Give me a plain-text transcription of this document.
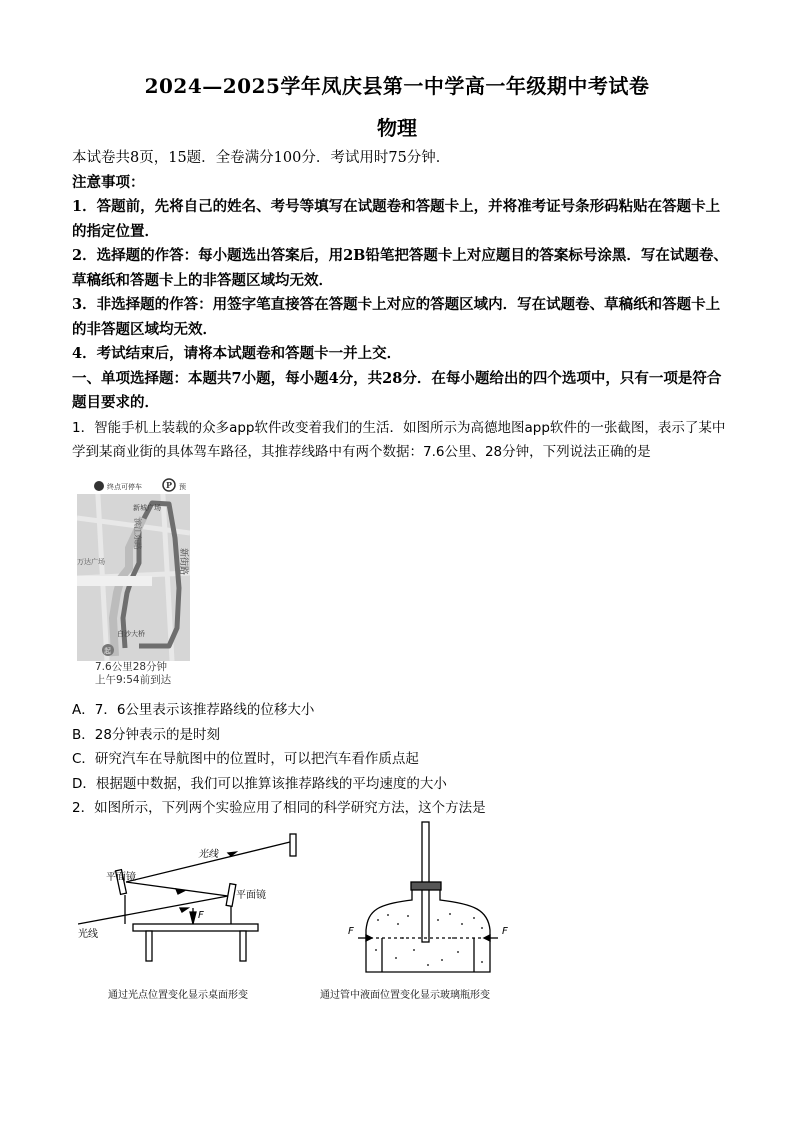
2024—2025学年凤庆县第一中学高一年级期中考试卷
物理

本试卷共8页，15题．全卷满分100分．考试用时75分钟．

注意事项：

1．答题前，先将自己的姓名、考号等填写在试题卷和答题卡上，并将准考证号条形码粘贴在答题卡上的指定位置．

2．选择题的作答：每小题选出答案后，用2B铅笔把答题卡上对应题目的答案标号涂黑．写在试题卷、草稿纸和答题卡上的非答题区域均无效．

3．非选择题的作答：用签字笔直接答在答题卡上对应的答题区域内．写在试题卷、草稿纸和答题卡上的非答题区域均无效．

4．考试结束后，请将本试题卷和答题卡一并上交．

一、单项选择题：本题共7小题，每小题4分，共28分．在每小题给出的四个选项中，只有一项是符合题目要求的．

1．智能手机上装载的众多app软件改变着我们的生活．如图所示为高德地图app软件的一张截图，表示了某中学到某商业街的具体驾车路径，其推荐线路中有两个数据：7.6公里、28分钟，下列说法正确的是

终点可停车	预
P
新城广场
滨江东路
新街路
万达广场
白沙大桥
起
7.6公里28分钟
上午9:54前到达

A．7．6公里表示该推荐路线的位移大小

B．28分钟表示的是时刻

C．研究汽车在导航图中的位置时，可以把汽车看作质点起

D．根据题中数据，我们可以推算该推荐路线的平均速度的大小

2．如图所示，下列两个实验应用了相同的科学研究方法，这个方法是

光线
平面镜
平面镜
F
光线
通过光点位置变化显示桌面形变
F	F
通过管中液面位置变化显示玻璃瓶形变
